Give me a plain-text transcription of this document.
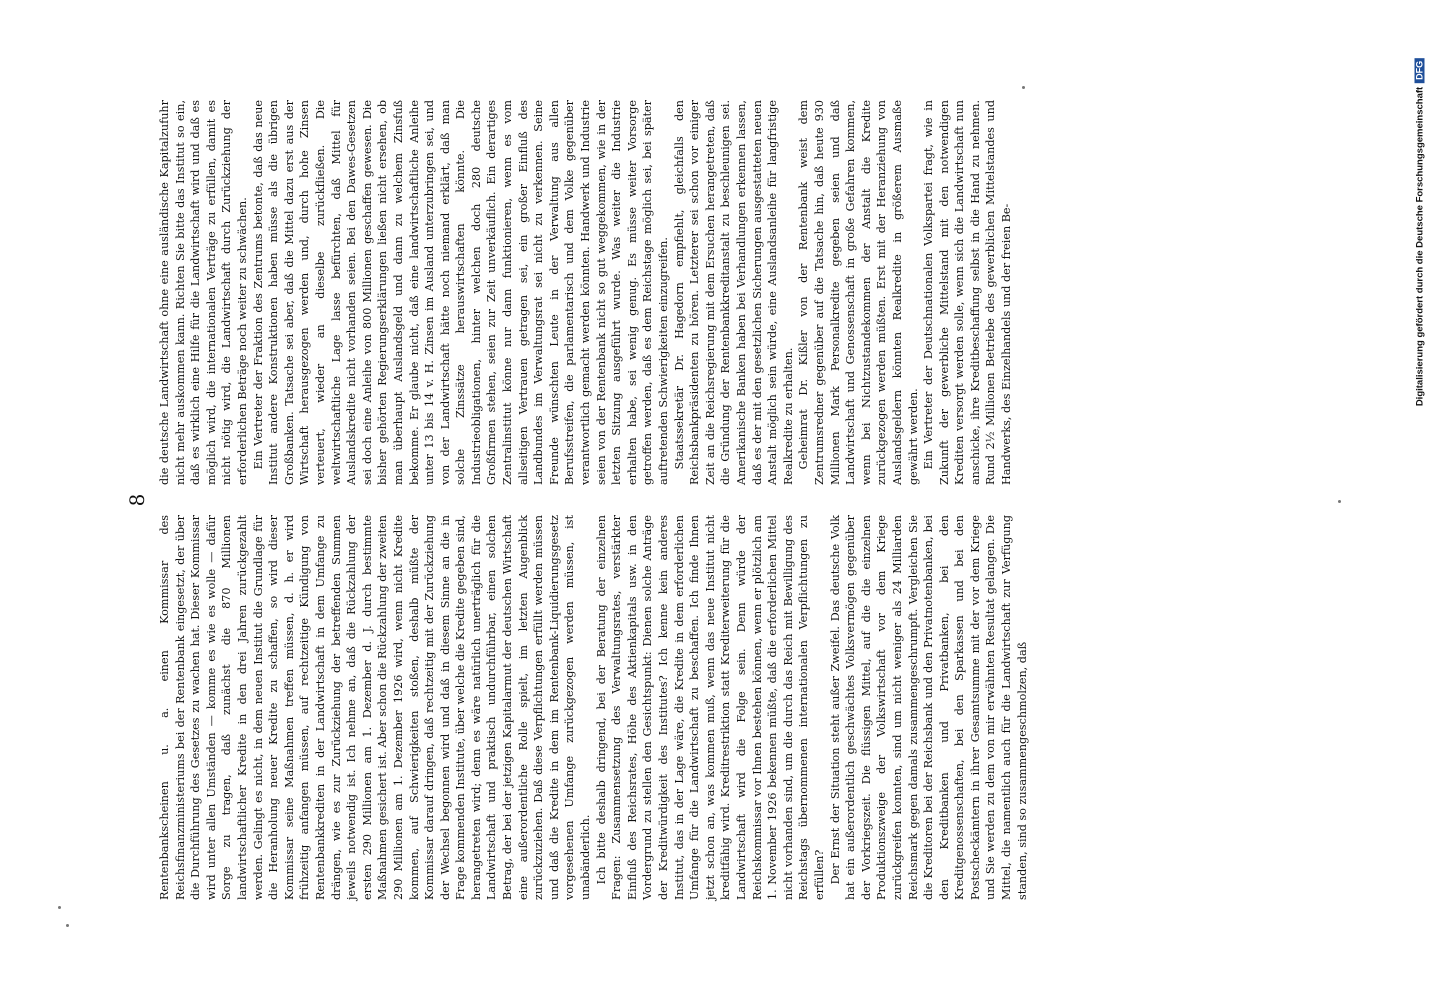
8

Rentenbankscheinen u. a. einen Kommissar des Reichsfinanzministeriums bei der Rentenbank eingesetzt, der über die Durchführung des Gesetzes zu wachen hat. Dieser Kommissar wird unter allen Umständen — komme es wie es wolle — dafür Sorge zu tragen, daß zunächst die 870 Millionen landwirtschaftlicher Kredite in den drei Jahren zurückgezahlt werden. Gelingt es nicht, in dem neuen Institut die Grundlage für die Heranholung neuer Kredite zu schaffen, so wird dieser Kommissar seine Maßnahmen treffen müssen, d. h. er wird frühzeitig anfangen müssen, auf rechtzeitige Kündigung von Rentenbankkrediten in der Landwirtschaft in dem Umfange zu drängen, wie es zur Zurückziehung der betreffenden Summen jeweils notwendig ist. Ich nehme an, daß die Rückzahlung der ersten 290 Millionen am 1. Dezember d. J. durch bestimmte Maßnahmen gesichert ist. Aber schon die Rückzahlung der zweiten 290 Millionen am 1. Dezember 1926 wird, wenn nicht Kredite kommen, auf Schwierigkeiten stoßen, deshalb müßte der Kommissar darauf dringen, daß rechtzeitig mit der Zurückziehung der Wechsel begonnen wird und daß in diesem Sinne an die in Frage kommenden Institute, über welche die Kredite gegeben sind, herangetreten wird; denn es wäre natürlich unerträglich für die Landwirtschaft und praktisch undurchführbar, einen solchen Betrag, der bei der jetzigen Kapitalarmut der deutschen Wirtschaft eine außerordentliche Rolle spielt, im letzten Augenblick zurückzuziehen. Daß diese Verpflichtungen erfüllt werden müssen und daß die Kredite in dem im Rentenbank-Liquidierungsgesetz vorgesehenen Umfange zurückgezogen werden müssen, ist unabänderlich. Ich bitte deshalb dringend, bei der Beratung der einzelnen Fragen: Zusammensetzung des Verwaltungsrates, verstärkter Einfluß des Reichsrates, Höhe des Aktienkapitals usw. in den Vordergrund zu stellen den Gesichtspunkt: Dienen solche Anträge der Kreditwürdigkeit des Institutes? Ich kenne kein anderes Institut, das in der Lage wäre, die Kredite in dem erforderlichen Umfange für die Landwirtschaft zu beschaffen. Ich finde Ihnen jetzt schon an, was kommen muß, wenn das neue Institut nicht kreditfähig wird. Kreditrestriktion statt Krediterweiterung für die Landwirtschaft wird die Folge sein. Denn würde der Reichskommissar vor Ihnen bestehen können, wenn er plötzlich am 1. November 1926 bekennen müßte, daß die erforderlichen Mittel nicht vorhanden sind, um die durch das Reich mit Bewilligung des Reichstags übernommenen internationalen Verpflichtungen zu erfüllen? Der Ernst der Situation steht außer Zweifel. Das deutsche Volk hat ein außerordentlich geschwächtes Volksvermögen gegenüber der Vorkriegszeit. Die flüssigen Mittel, auf die die einzelnen Produktionszweige der Volkswirtschaft vor dem Kriege zurückgreifen konnten, sind um nicht weniger als 24 Milliarden Reichsmark gegen damals zusammengeschrumpft. Vergleichen Sie die Kreditoren bei der Reichsbank und den Privatnotenbanken, bei den Kreditbanken und Privatbanken, bei den Kreditgenossenschaften, bei den Sparkassen und bei den Postscheckämtern in ihrer Gesamtsumme mit der vor dem Kriege und Sie werden zu dem von mir erwähnten Resultat gelangen. Die Mittel, die namentlich auch für die Landwirtschaft zur Verfügung standen, sind so zusammengeschmolzen, daß

die deutsche Landwirtschaft ohne eine ausländische Kapitalzufuhr nicht mehr auskommen kann. Richten Sie bitte das Institut so ein, daß es wirklich eine Hilfe für die Landwirtschaft wird und daß es möglich wird, die internationalen Verträge zu erfüllen, damit es nicht nötig wird, die Landwirtschaft durch Zurückziehung der erforderlichen Beträge noch weiter zu schwächen. Ein Vertreter der Fraktion des Zentrums betonte, daß das neue Institut andere Konstruktionen haben müsse als die übrigen Großbanken. Tatsache sei aber, daß die Mittel dazu erst aus der Wirtschaft herausgezogen werden und, durch hohe Zinsen verteuert, wieder an dieselbe zurückfließen. Die weltwirtschaftliche Lage lasse befürchten, daß Mittel für Auslandskredite nicht vorhanden seien. Bei den Dawes-Gesetzen sei doch eine Anleihe von 800 Millionen geschaffen gewesen. Die bisher gehörten Regierungserklärungen ließen nicht ersehen, ob man überhaupt Auslandsgeld und dann zu welchem Zinsfuß bekomme. Er glaube nicht, daß eine landwirtschaftliche Anleihe unter 13 bis 14 v. H. Zinsen im Ausland unterzubringen sei, und von der Landwirtschaft hätte noch niemand erklärt, daß man solche Zinssätze herauswirtschaften könnte. Die Industrieobligationen, hinter welchen doch 280 deutsche Großfirmen stehen, seien zur Zeit unverkäuflich. Ein derartiges Zentralinstitut könne nur dann funktionieren, wenn es vom allseitigen Vertrauen getragen sei, ein großer Einfluß des Landbundes im Verwaltungsrat sei nicht zu verkennen. Seine Freunde wünschten Leute in der Verwaltung aus allen Berufsstreifen, die parlamentarisch und dem Volke gegenüber verantwortlich gemacht werden könnten. Handwerk und Industrie seien von der Rentenbank nicht so gut weggekommen, wie in der letzten Sitzung ausgeführt wurde. Was weiter die Industrie erhalten habe, sei wenig genug. Es müsse weiter Vorsorge getroffen werden, daß es dem Reichstage möglich sei, bei später auftretenden Schwierigkeiten einzugreifen. Staatssekretär Dr. Hagedorn empfiehlt, gleichfalls den Reichsbankpräsidenten zu hören. Letzterer sei schon vor einiger Zeit an die Reichsregierung mit dem Ersuchen herangetreten, daß die Gründung der Rentenbankkreditanstalt zu beschleunigen sei. Amerikanische Banken haben bei Verhandlungen erkennen lassen, daß es der mit den gesetzlichen Sicherungen ausgestatteten neuen Anstalt möglich sein würde, eine Auslandsanleihe für langfristige Realkredite zu erhalten. Geheimrat Dr. Kißler von der Rentenbank weist dem Zentrumsredner gegenüber auf die Tatsache hin, daß heute 930 Millionen Mark Personalkredite gegeben seien und daß Landwirtschaft und Genossenschaft in große Gefahren kommen, wenn bei Nichtzustandekommen der Anstalt die Kredite zurückgezogen werden müßten. Erst mit der Heranziehung von Auslandsgeldern könnten Realkredite in größerem Ausmaße gewährt werden. Ein Vertreter der Deutschnationalen Volkspartei fragt, wie in Zukunft der gewerbliche Mittelstand mit den notwendigen Krediten versorgt werden solle, wenn sich die Landwirtschaft nun anschicke, ihre Kreditbeschaffung selbst in die Hand zu nehmen. Rund 2½ Millionen Betriebe des gewerblichen Mittelstandes und Handwerks, des Einzelhandels und der freien Be-	Digitalisierung gefördert durch die Deutsche ForschungsgemeinschaftDFG
